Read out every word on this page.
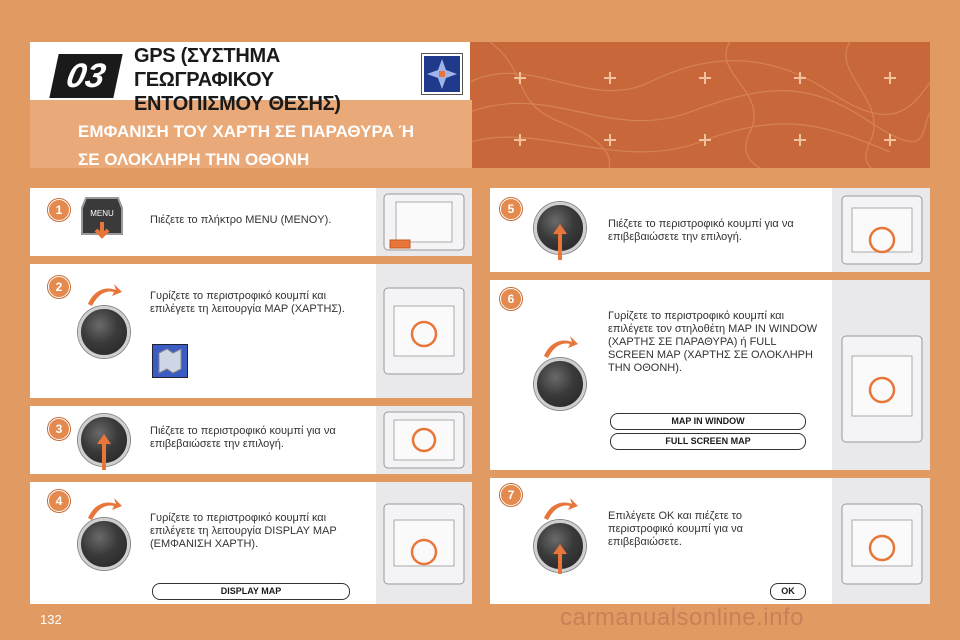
03
GPS (ΣΥΣΤΗΜΑ ΓΕΩΓΡΑΦΙΚΟΥ
ΕΝΤΟΠΙΣΜΟΥ ΘΕΣΗΣ)
ΕΜΦΑΝΙΣΗ ΤΟΥ ΧΑΡΤΗ ΣΕ ΠΑΡΑΘΥΡΑ Ή
ΣΕ ΟΛΟΚΛΗΡΗ ΤΗΝ ΟΘΟΝΗ
1	MENU
Πιέζετε το πλήκτρο MENU (MENOY).
2
Γυρίζετε το περιστροφικό κουμπί και επιλέγετε τη λειτουργία MAP (ΧΑΡΤΗΣ).
3	Πιέζετε το περιστροφικό κουμπί για να επιβεβαιώσετε την επιλογή.
4
Γυρίζετε το περιστροφικό κουμπί και επιλέγετε τη λειτουργία DISPLAY MAP (ΕΜΦΑΝΙΣΗ ΧΑΡΤΗ).
DISPLAY MAP
5
Πιέζετε το περιστροφικό κουμπί για να επιβεβαιώσετε την επιλογή.
6
Γυρίζετε το περιστροφικό κουμπί και επιλέγετε τον στηλοθέτη MAP IN WINDOW (ΧΑΡΤΗΣ ΣΕ ΠΑΡΑΘΥΡΑ) ή FULL SCREEN MAP (ΧΑΡΤΗΣ ΣΕ ΟΛΟΚΛΗΡΗ ΤΗΝ ΟΘΟΝΗ).
MAP IN WINDOW
FULL SCREEN MAP
7
Επιλέγετε OK και πιέζετε το περιστροφικό κουμπί για να επιβεβαιώσετε.
OK
132	carmanualsonline.info
